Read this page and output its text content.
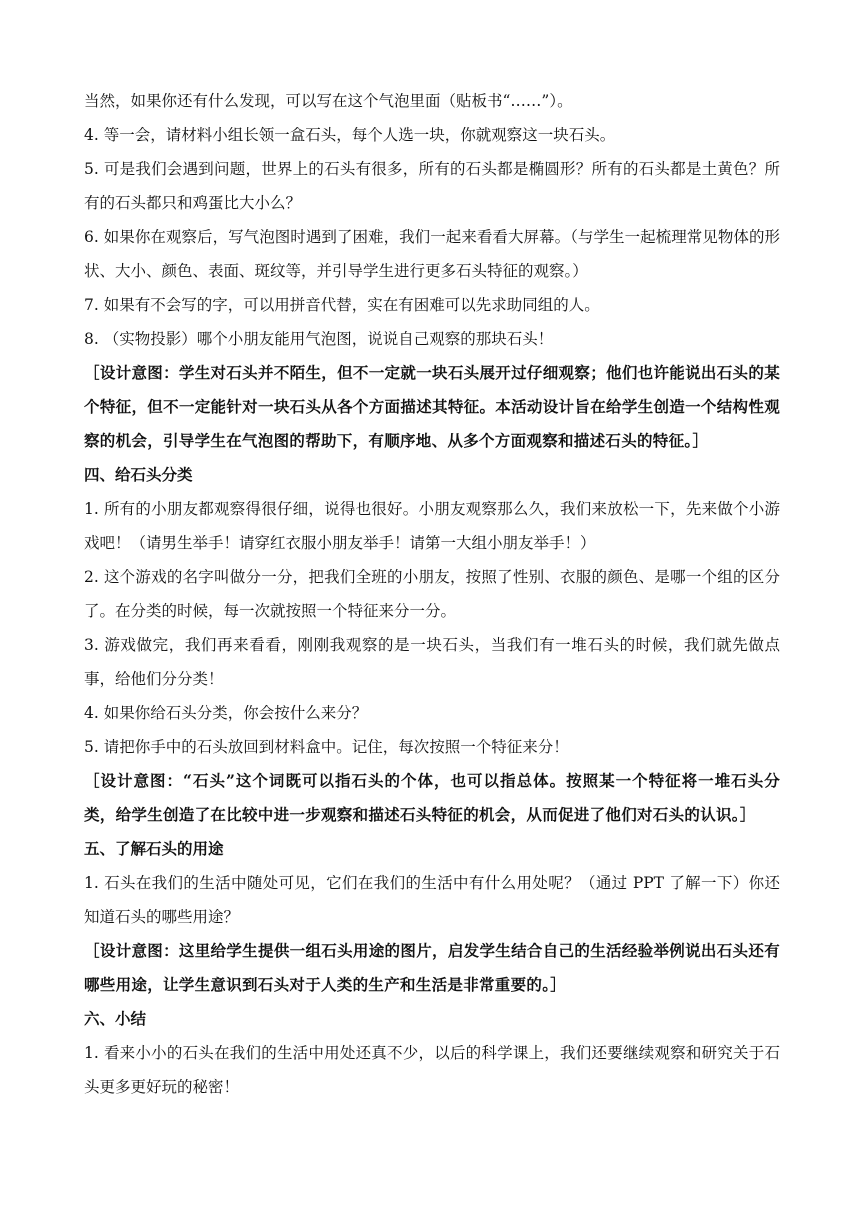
当然，如果你还有什么发现，可以写在这个气泡里面（贴板书“……”）。

4. 等一会，请材料小组长领一盒石头，每个人选一块，你就观察这一块石头。

5. 可是我们会遇到问题，世界上的石头有很多，所有的石头都是椭圆形？所有的石头都是土黄色？所有的石头都只和鸡蛋比大小么？

6. 如果你在观察后，写气泡图时遇到了困难，我们一起来看看大屏幕。（与学生一起梳理常见物体的形状、大小、颜色、表面、斑纹等，并引导学生进行更多石头特征的观察。）

7. 如果有不会写的字，可以用拼音代替，实在有困难可以先求助同组的人。

8. （实物投影）哪个小朋友能用气泡图，说说自己观察的那块石头！

［设计意图：学生对石头并不陌生，但不一定就一块石头展开过仔细观察；他们也许能说出石头的某个特征，但不一定能针对一块石头从各个方面描述其特征。本活动设计旨在给学生创造一个结构性观察的机会，引导学生在气泡图的帮助下，有顺序地、从多个方面观察和描述石头的特征。］

四、给石头分类

1. 所有的小朋友都观察得很仔细，说得也很好。小朋友观察那么久，我们来放松一下，先来做个小游戏吧！（请男生举手！请穿红衣服小朋友举手！请第一大组小朋友举手！）

2. 这个游戏的名字叫做分一分，把我们全班的小朋友，按照了性别、衣服的颜色、是哪一个组的区分了。在分类的时候，每一次就按照一个特征来分一分。

3. 游戏做完，我们再来看看，刚刚我观察的是一块石头，当我们有一堆石头的时候，我们就先做点事，给他们分分类！

4. 如果你给石头分类，你会按什么来分？

5. 请把你手中的石头放回到材料盒中。记住，每次按照一个特征来分！

［设计意图：“石头”这个词既可以指石头的个体，也可以指总体。按照某一个特征将一堆石头分类，给学生创造了在比较中进一步观察和描述石头特征的机会，从而促进了他们对石头的认识。］

五、了解石头的用途

1. 石头在我们的生活中随处可见，它们在我们的生活中有什么用处呢？（通过 PPT 了解一下）你还知道石头的哪些用途？

［设计意图：这里给学生提供一组石头用途的图片，启发学生结合自己的生活经验举例说出石头还有哪些用途，让学生意识到石头对于人类的生产和生活是非常重要的。］

六、小结

1. 看来小小的石头在我们的生活中用处还真不少，以后的科学课上，我们还要继续观察和研究关于石头更多更好玩的秘密！
